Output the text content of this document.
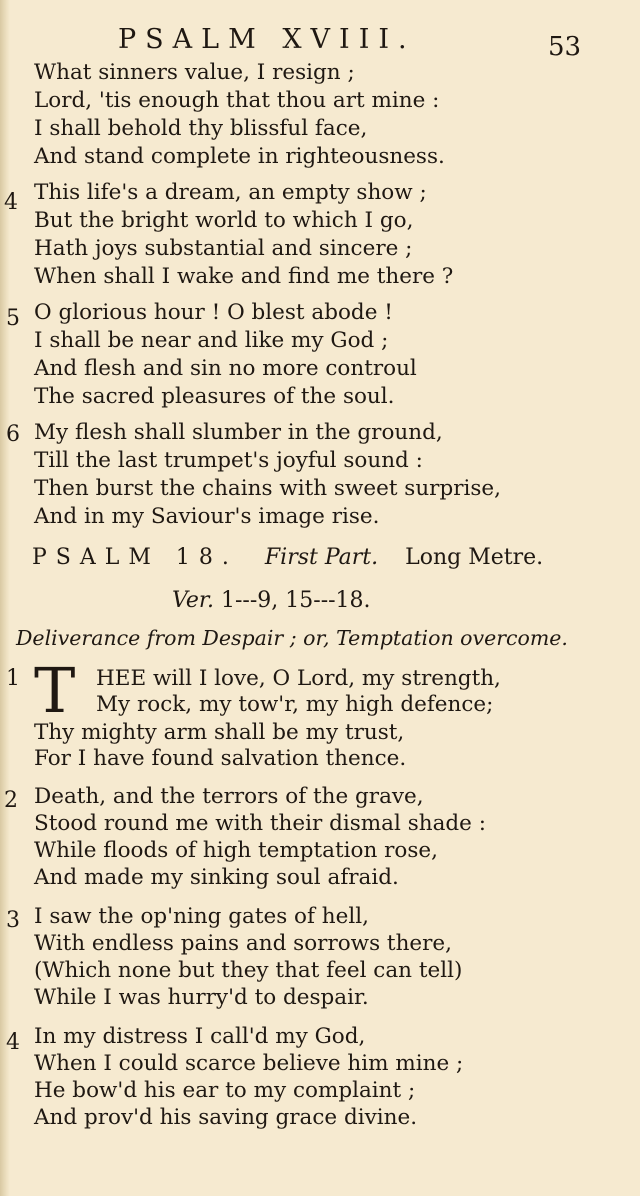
PSALM XVIII.	53
What sinners value, I resign ;
Lord, 'tis enough that thou art mine :
I shall behold thy blissful face,
And stand complete in righteousness.
4 This life's a dream, an empty show ;
But the bright world to which I go,
Hath joys substantial and sincere ;
When shall I wake and find me there ?
5 O glorious hour ! O blest abode !
I shall be near and like my God ;
And flesh and sin no more controul
The sacred pleasures of the soul.
6 My flesh shall slumber in the ground,
Till the last trumpet's joyful sound :
Then burst the chains with sweet surprise,
And in my Saviour's image rise.
PSALM 18. First Part. Long Metre.
Ver. 1---9, 15---18.
Deliverance from Despair ; or, Temptation overcome.
1 T HEE will I love, O Lord, my strength,
My rock, my tow'r, my high defence;
Thy mighty arm shall be my trust,
For I have found salvation thence.
2 Death, and the terrors of the grave,
Stood round me with their dismal shade :
While floods of high temptation rose,
And made my sinking soul afraid.
3 I saw the op'ning gates of hell,
With endless pains and sorrows there,
(Which none but they that feel can tell)
While I was hurry'd to despair.
4 In my distress I call'd my God,
When I could scarce believe him mine ;
He bow'd his ear to my complaint ;
And prov'd his saving grace divine.
